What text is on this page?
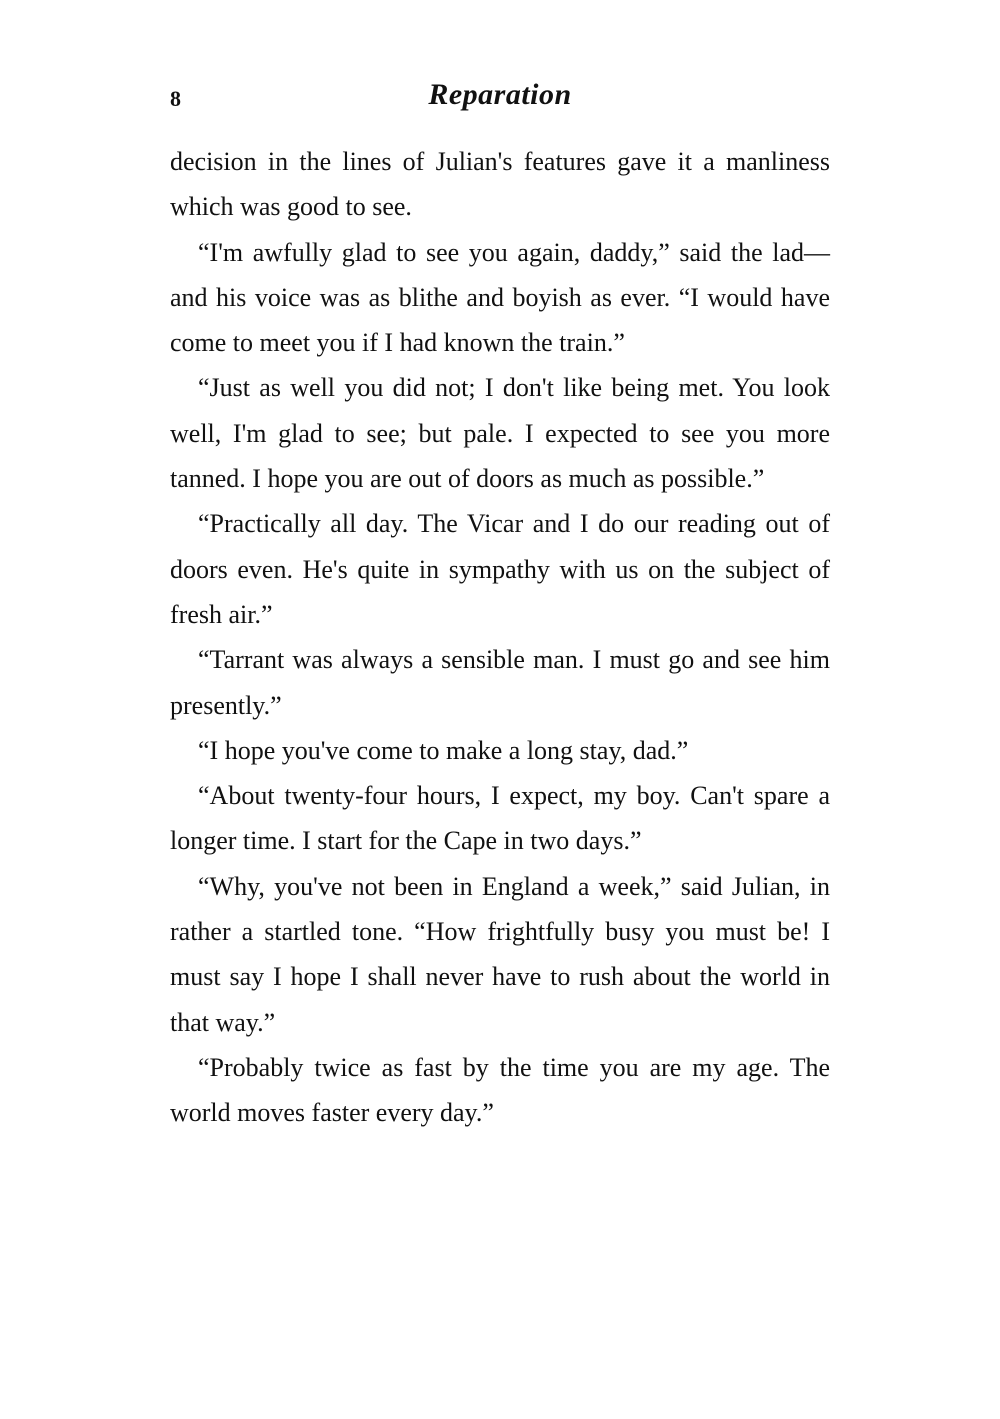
8	Reparation

decision in the lines of Julian's features gave it a manliness which was good to see.

“I'm awfully glad to see you again, daddy,” said the lad—and his voice was as blithe and boyish as ever. “I would have come to meet you if I had known the train.”

“Just as well you did not; I don't like being met. You look well, I'm glad to see; but pale. I expected to see you more tanned. I hope you are out of doors as much as possible.”

“Practically all day. The Vicar and I do our reading out of doors even. He's quite in sympathy with us on the subject of fresh air.”

“Tarrant was always a sensible man. I must go and see him presently.”

“I hope you've come to make a long stay, dad.”

“About twenty-four hours, I expect, my boy. Can't spare a longer time. I start for the Cape in two days.”

“Why, you've not been in England a week,” said Julian, in rather a startled tone. “How frightfully busy you must be! I must say I hope I shall never have to rush about the world in that way.”

“Probably twice as fast by the time you are my age. The world moves faster every day.”
